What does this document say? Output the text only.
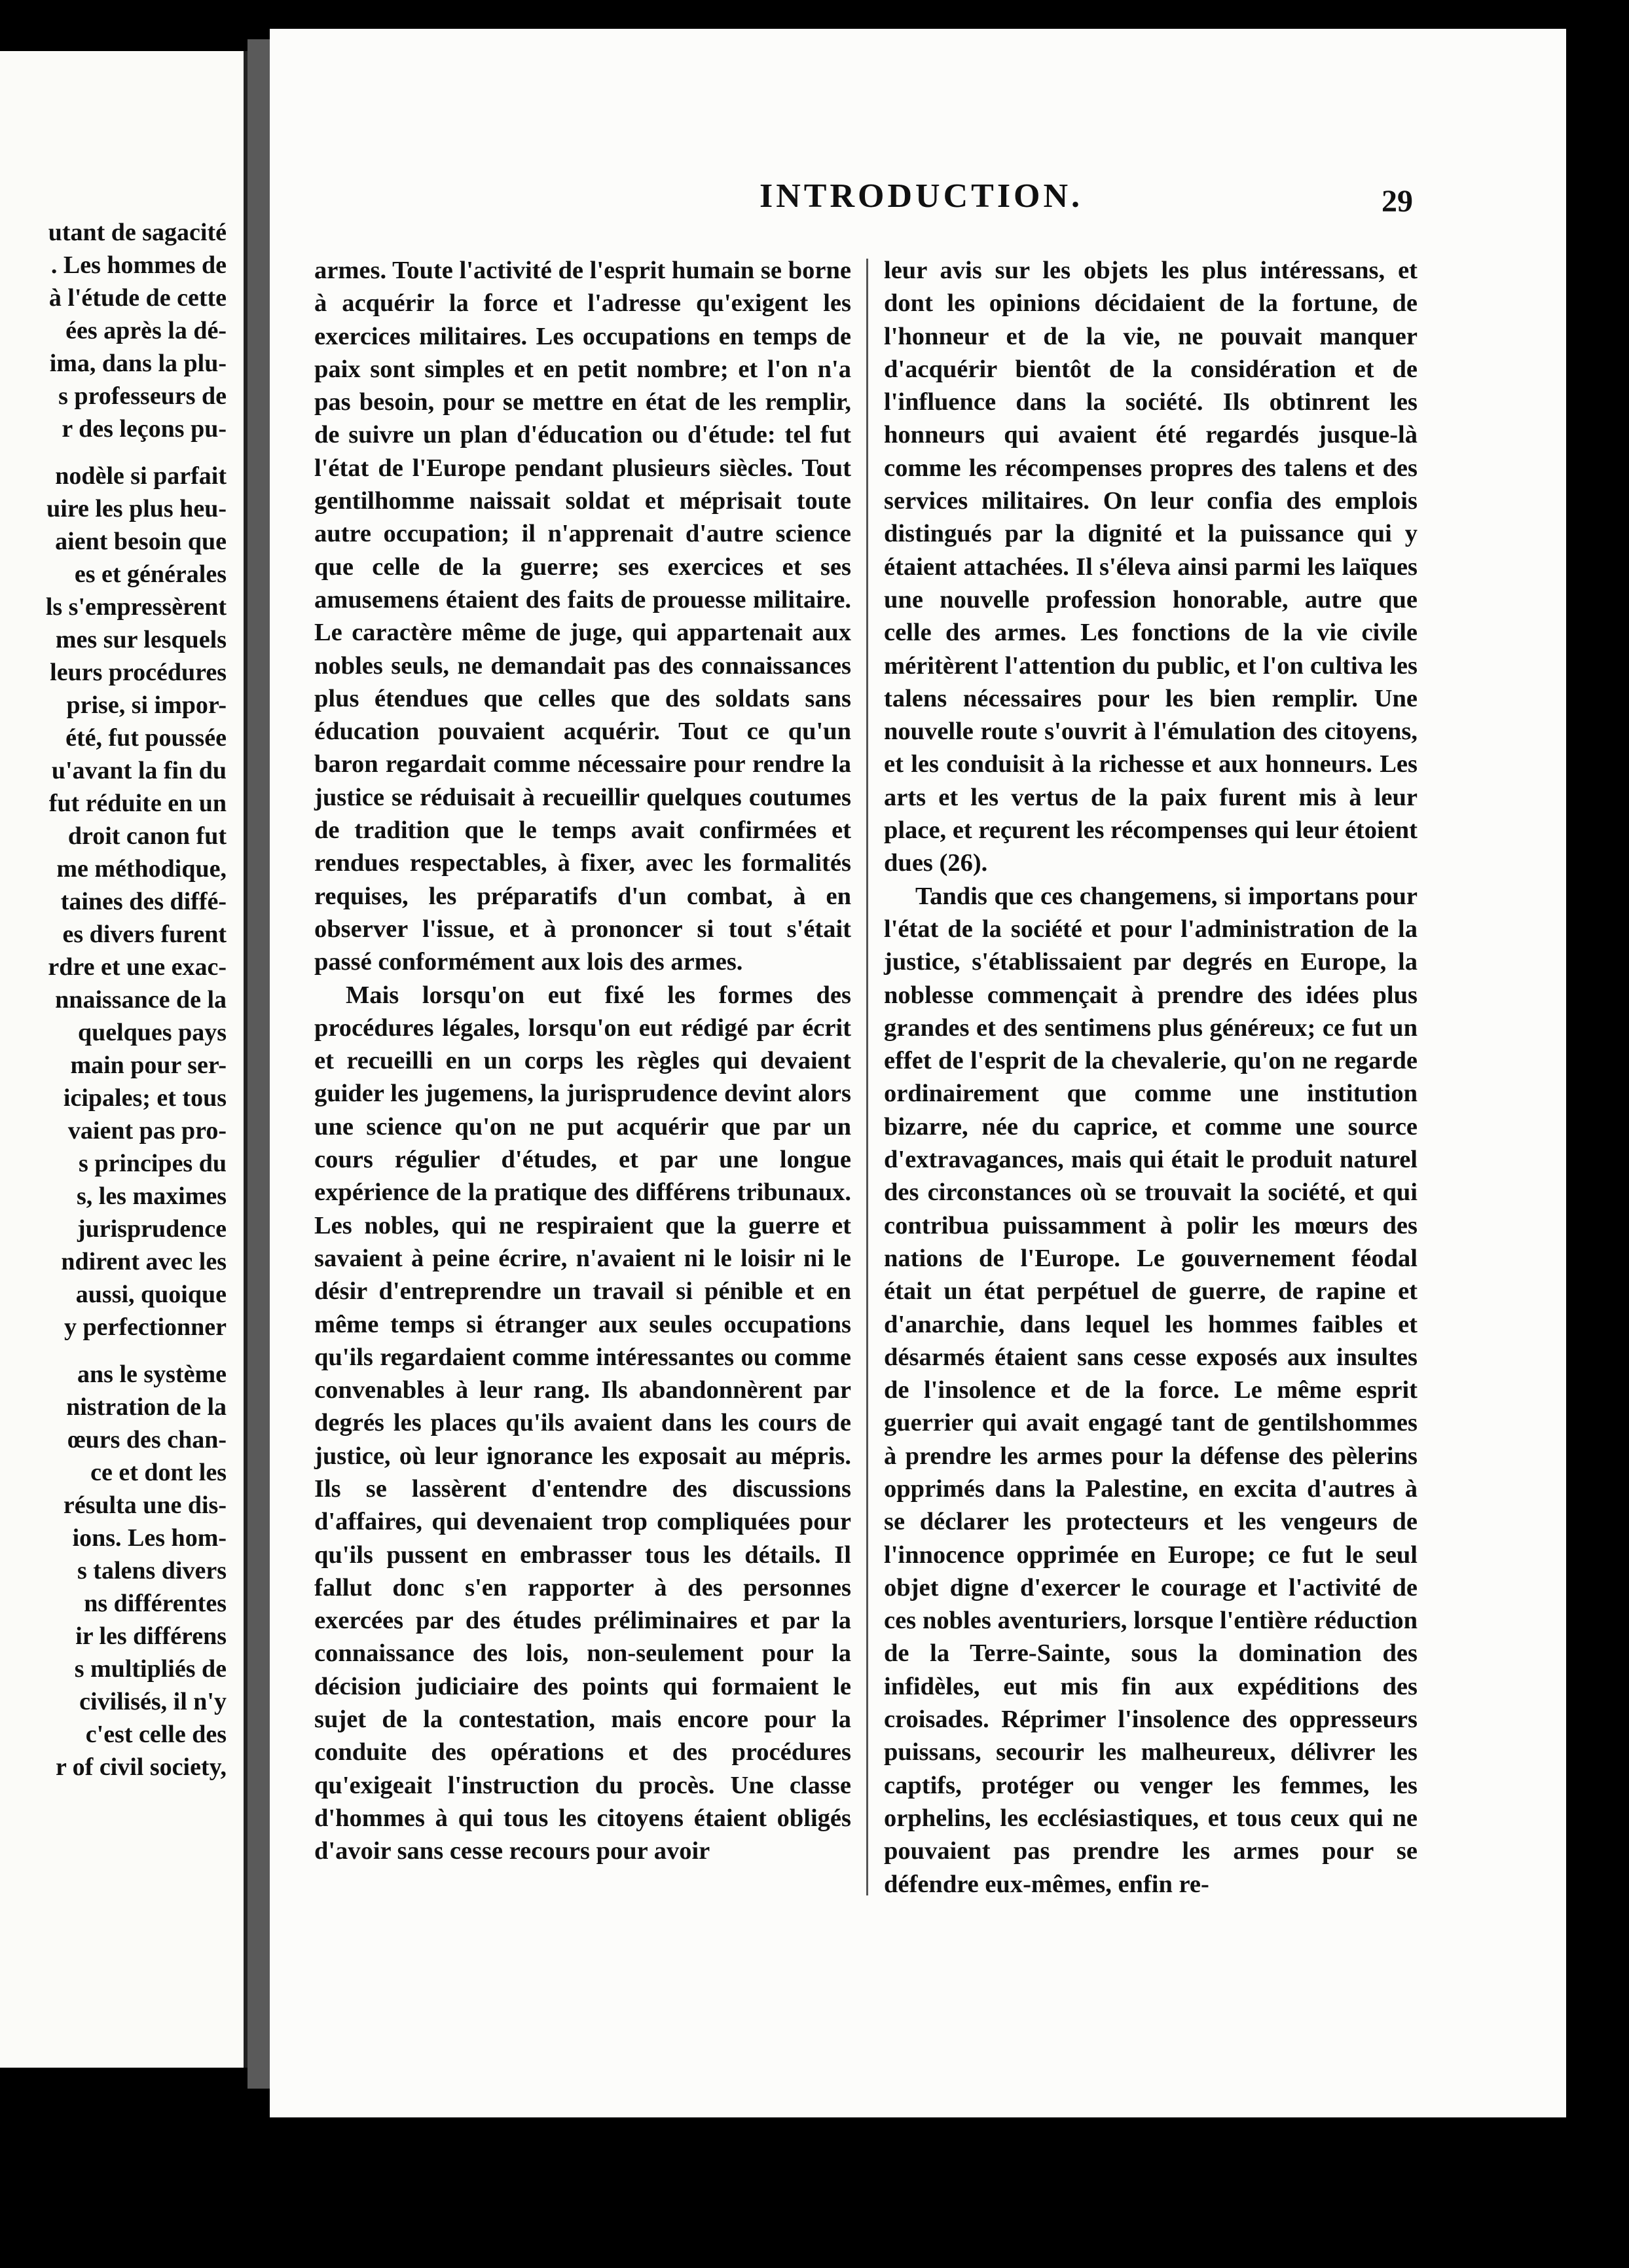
utant de sagacité
. Les hommes de
à l'étude de cette
ées après la dé-
ima, dans la plu-
s professeurs de
r des leçons pu-
nodèle si parfait
uire les plus heu-
aient besoin que
es et générales
ls s'empressèrent
mes sur lesquels
leurs procédures
prise, si impor-
été, fut poussée
u'avant la fin du
fut réduite en un
droit canon fut
me méthodique,
taines des diffé-
es divers furent
rdre et une exac-
nnaissance de la
quelques pays
main pour ser-
icipales; et tous
vaient pas pro-
s principes du
s, les maximes
jurisprudence
ndirent avec les
aussi, quoique
y perfectionner
ans le système
nistration de la
œurs des chan-
ce et dont les
résulta une dis-
ions. Les hom-
s talens divers
ns différentes
ir les différens
s multipliés de
civilisés, il n'y
c'est celle des
r of civil society,
INTRODUCTION.	29

armes. Toute l'activité de l'esprit humain se borne à acquérir la force et l'adresse qu'exigent les exercices militaires. Les occupations en temps de paix sont simples et en petit nombre; et l'on n'a pas besoin, pour se mettre en état de les remplir, de suivre un plan d'éducation ou d'étude: tel fut l'état de l'Europe pendant plusieurs siècles. Tout gentilhomme naissait soldat et méprisait toute autre occupation; il n'apprenait d'autre science que celle de la guerre; ses exercices et ses amusemens étaient des faits de prouesse militaire. Le caractère même de juge, qui appartenait aux nobles seuls, ne demandait pas des connaissances plus étendues que celles que des soldats sans éducation pouvaient acquérir. Tout ce qu'un baron regardait comme nécessaire pour rendre la justice se réduisait à recueillir quelques coutumes de tradition que le temps avait confirmées et rendues respectables, à fixer, avec les formalités requises, les préparatifs d'un combat, à en observer l'issue, et à prononcer si tout s'était passé conformément aux lois des armes.

Mais lorsqu'on eut fixé les formes des procédures légales, lorsqu'on eut rédigé par écrit et recueilli en un corps les règles qui devaient guider les jugemens, la jurisprudence devint alors une science qu'on ne put acquérir que par un cours régulier d'études, et par une longue expérience de la pratique des différens tribunaux. Les nobles, qui ne respiraient que la guerre et savaient à peine écrire, n'avaient ni le loisir ni le désir d'entreprendre un travail si pénible et en même temps si étranger aux seules occupations qu'ils regardaient comme intéressantes ou comme convenables à leur rang. Ils abandonnèrent par degrés les places qu'ils avaient dans les cours de justice, où leur ignorance les exposait au mépris. Ils se lassèrent d'entendre des discussions d'affaires, qui devenaient trop compliquées pour qu'ils pussent en embrasser tous les détails. Il fallut donc s'en rapporter à des personnes exercées par des études préliminaires et par la connaissance des lois, non-seulement pour la décision judiciaire des points qui formaient le sujet de la contestation, mais encore pour la conduite des opérations et des procédures qu'exigeait l'instruction du procès. Une classe d'hommes à qui tous les citoyens étaient obligés d'avoir sans cesse recours pour avoir

leur avis sur les objets les plus intéressans, et dont les opinions décidaient de la fortune, de l'honneur et de la vie, ne pouvait manquer d'acquérir bientôt de la considération et de l'influence dans la société. Ils obtinrent les honneurs qui avaient été regardés jusque-là comme les récompenses propres des talens et des services militaires. On leur confia des emplois distingués par la dignité et la puissance qui y étaient attachées. Il s'éleva ainsi parmi les laïques une nouvelle profession honorable, autre que celle des armes. Les fonctions de la vie civile méritèrent l'attention du public, et l'on cultiva les talens nécessaires pour les bien remplir. Une nouvelle route s'ouvrit à l'émulation des citoyens, et les conduisit à la richesse et aux honneurs. Les arts et les vertus de la paix furent mis à leur place, et reçurent les récompenses qui leur étoient dues (26).

Tandis que ces changemens, si importans pour l'état de la société et pour l'administration de la justice, s'établissaient par degrés en Europe, la noblesse commençait à prendre des idées plus grandes et des sentimens plus généreux; ce fut un effet de l'esprit de la chevalerie, qu'on ne regarde ordinairement que comme une institution bizarre, née du caprice, et comme une source d'extravagances, mais qui était le produit naturel des circonstances où se trouvait la société, et qui contribua puissamment à polir les mœurs des nations de l'Europe. Le gouvernement féodal était un état perpétuel de guerre, de rapine et d'anarchie, dans lequel les hommes faibles et désarmés étaient sans cesse exposés aux insultes de l'insolence et de la force. Le même esprit guerrier qui avait engagé tant de gentilshommes à prendre les armes pour la défense des pèlerins opprimés dans la Palestine, en excita d'autres à se déclarer les protecteurs et les vengeurs de l'innocence opprimée en Europe; ce fut le seul objet digne d'exercer le courage et l'activité de ces nobles aventuriers, lorsque l'entière réduction de la Terre-Sainte, sous la domination des infidèles, eut mis fin aux expéditions des croisades. Réprimer l'insolence des oppresseurs puissans, secourir les malheureux, délivrer les captifs, protéger ou venger les femmes, les orphelins, les ecclésiastiques, et tous ceux qui ne pouvaient pas prendre les armes pour se défendre eux-mêmes, enfin re-
